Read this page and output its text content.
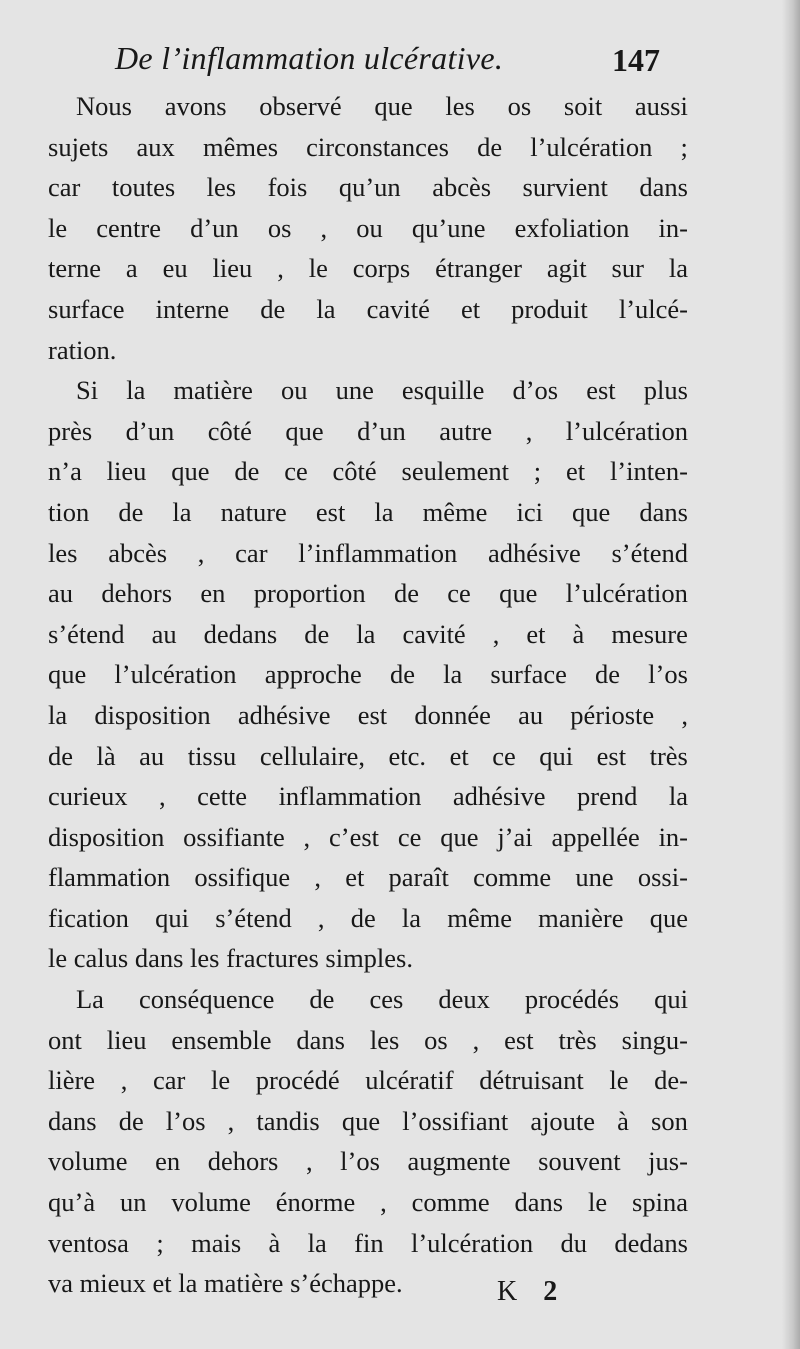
De l’inflammation ulcérative.	147
Nous avons observé que les os soit aussi
sujets aux mêmes circonstances de l’ulcération ;
car toutes les fois qu’un abcès survient dans
le centre d’un os , ou qu’une exfoliation in-
terne a eu lieu , le corps étranger agit sur la
surface interne de la cavité et produit l’ulcé-
ration.
Si la matière ou une esquille d’os est plus
près d’un côté que d’un autre , l’ulcération
n’a lieu que de ce côté seulement ; et l’inten-
tion de la nature est la même ici que dans
les abcès , car l’inflammation adhésive s’étend
au dehors en proportion de ce que l’ulcération
s’étend au dedans de la cavité , et à mesure
que l’ulcération approche de la surface de l’os
la disposition adhésive est donnée au périoste ,
de là au tissu cellulaire, etc. et ce qui est très
curieux , cette inflammation adhésive prend la
disposition ossifiante , c’est ce que j’ai appellée in-
flammation ossifique , et paraît comme une ossi-
fication qui s’étend , de la même manière que
le calus dans les fractures simples.
La conséquence de ces deux procédés qui
ont lieu ensemble dans les os , est très singu-
lière , car le procédé ulcératif détruisant le de-
dans de l’os , tandis que l’ossifiant ajoute à son
volume en dehors , l’os augmente souvent jus-
qu’à un volume énorme , comme dans le spina
ventosa ; mais à la fin l’ulcération du dedans
va mieux et la matière s’échappe.	K 2
